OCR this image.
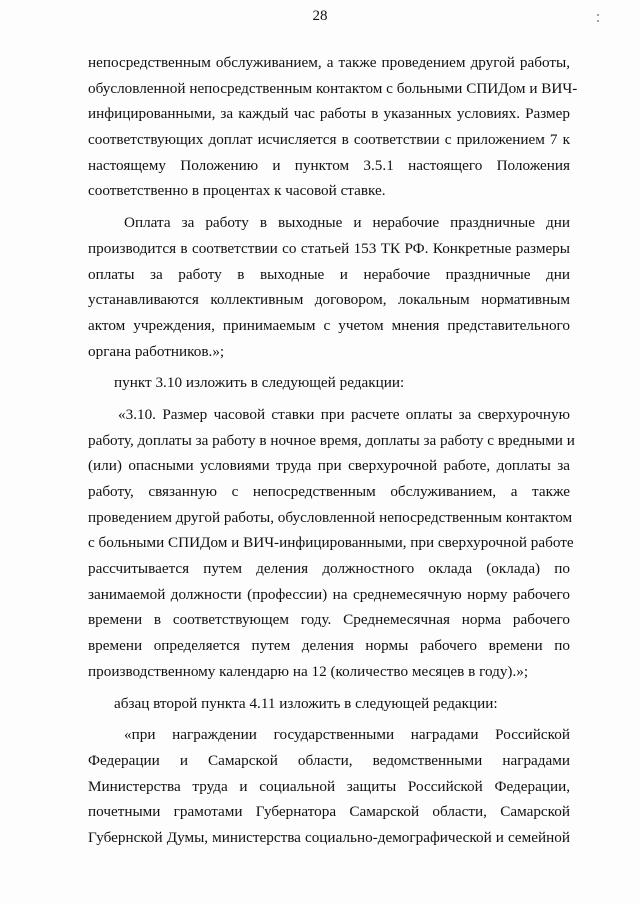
28
непосредственным обслуживанием, а также проведением другой работы,
обусловленной непосредственным контактом с больными СПИДом и ВИЧ-
инфицированными, за каждый час работы в указанных условиях. Размер
соответствующих доплат исчисляется в соответствии с приложением 7 к
настоящему Положению и пунктом 3.5.1 настоящего Положения
соответственно в процентах к часовой ставке.
Оплата за работу в выходные и нерабочие праздничные дни
производится в соответствии со статьей 153 ТК РФ. Конкретные размеры
оплаты за работу в выходные и нерабочие праздничные дни
устанавливаются коллективным договором, локальным нормативным
актом учреждения, принимаемым с учетом мнения представительного
органа работников.»;
пункт 3.10 изложить в следующей редакции:
«3.10. Размер часовой ставки при расчете оплаты за сверхурочную
работу, доплаты за работу в ночное время, доплаты за работу с вредными и
(или) опасными условиями труда при сверхурочной работе, доплаты за
работу, связанную с непосредственным обслуживанием, а также
проведением другой работы, обусловленной непосредственным контактом
с больными СПИДом и ВИЧ-инфицированными, при сверхурочной работе
рассчитывается путем деления должностного оклада (оклада) по
занимаемой должности (профессии) на среднемесячную норму рабочего
времени в соответствующем году. Среднемесячная норма рабочего
времени определяется путем деления нормы рабочего времени по
производственному календарю на 12 (количество месяцев в году).»;
абзац второй пункта 4.11 изложить в следующей редакции:
«при награждении государственными наградами Российской
Федерации и Самарской области, ведомственными наградами
Министерства труда и социальной защиты Российской Федерации,
почетными грамотами Губернатора Самарской области, Самарской
Губернской Думы, министерства социально-демографической и семейной
